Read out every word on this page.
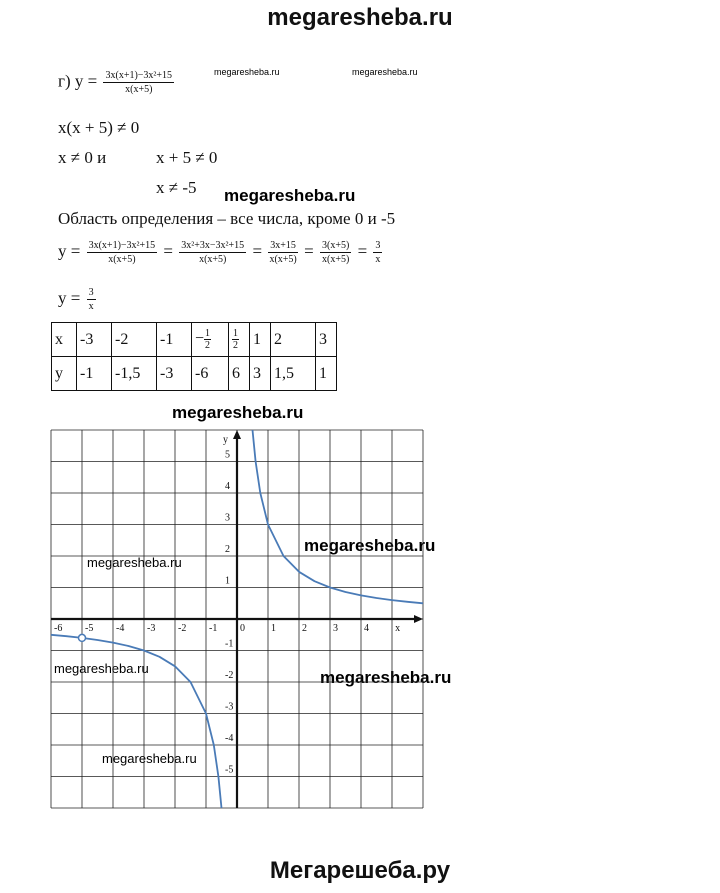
megaresheba.ru
megaresheba.ru	megaresheba.ru
megaresheba.ru
megaresheba.ru
megaresheba.ru
megaresheba.ru
megaresheba.ru	megaresheba.ru
megaresheba.ru
г) $y = \frac{\text{3x(x+1)−3x²+15}}{x(x+5)}$
x(x + 5) ≠ 0
x ≠ 0 и	x + 5 ≠ 0
x ≠ -5
Область определения – все числа, кроме 0 и -5
$y = \frac{\text{3x(x+1)−3x²+15}}{x(x+5)} = \frac{\text{3x²+3x−3x²+15}}{x(x+5)} = \frac{3x+15}{x(x+5)} = \frac{3(x+5)}{x(x+5)} = \frac{3}{x}$
$y = \frac{3}{x}$
x	-3	-2	-1	− $\frac{1}{2}$	$\frac{1}{2}$	1	2	3
y	-1	-1,5	-3	-6	6	3	1,5	1
-6 -5 -4 -3 -2 -1 0	1	2	3	4
5
4
3
2
1
-1
-2
-3
-4
-5
x
y
Мегарешеба.ру
